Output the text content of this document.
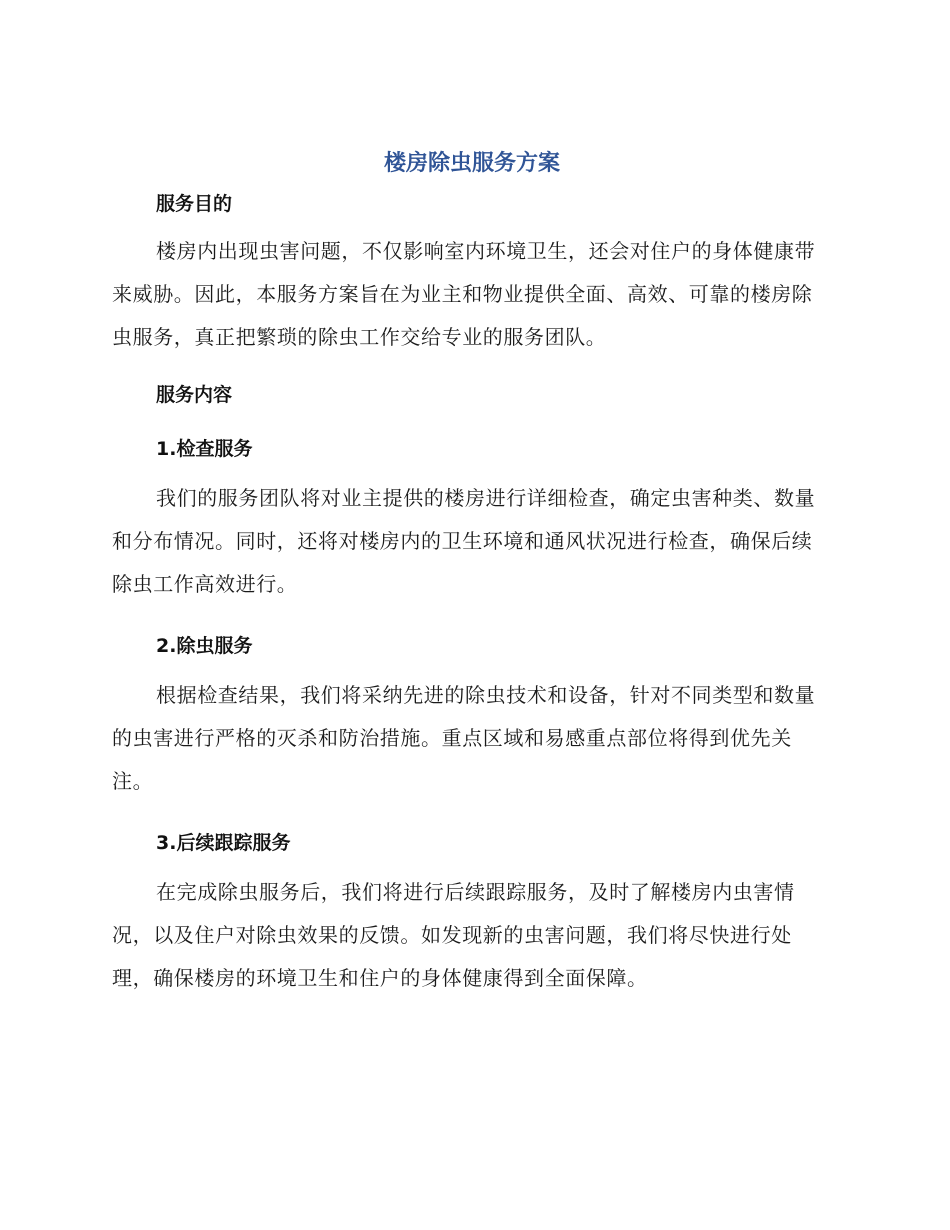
楼房除虫服务方案
服务目的

楼房内出现虫害问题，不仅影响室内环境卫生，还会对住户的身体健康带来威胁。因此，本服务方案旨在为业主和物业提供全面、高效、可靠的楼房除虫服务，真正把繁琐的除虫工作交给专业的服务团队。

服务内容
1.检查服务

我们的服务团队将对业主提供的楼房进行详细检查，确定虫害种类、数量和分布情况。同时，还将对楼房内的卫生环境和通风状况进行检查，确保后续除虫工作高效进行。

2.除虫服务

根据检查结果，我们将采纳先进的除虫技术和设备，针对不同类型和数量的虫害进行严格的灭杀和防治措施。重点区域和易感重点部位将得到优先关注。

3.后续跟踪服务

在完成除虫服务后，我们将进行后续跟踪服务，及时了解楼房内虫害情况，以及住户对除虫效果的反馈。如发现新的虫害问题，我们将尽快进行处理，确保楼房的环境卫生和住户的身体健康得到全面保障。
